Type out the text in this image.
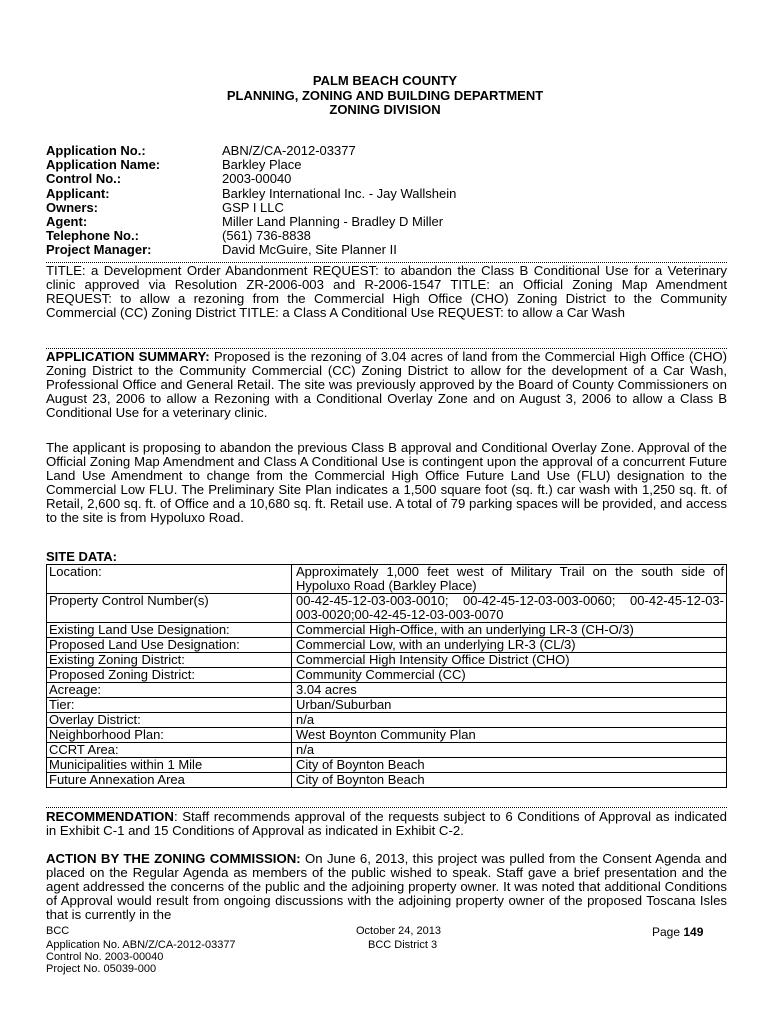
PALM BEACH COUNTY
PLANNING, ZONING AND BUILDING DEPARTMENT
ZONING DIVISION
Application No.:	ABN/Z/CA-2012-03377
Application Name:	Barkley Place
Control No.:	2003-00040
Applicant:	Barkley International Inc. - Jay Wallshein
Owners:	GSP I LLC
Agent:	Miller Land Planning - Bradley D Miller
Telephone No.:	(561) 736-8838
Project Manager:	David McGuire, Site Planner II
TITLE: a Development Order Abandonment REQUEST: to abandon the Class B Conditional Use for a Veterinary clinic approved via Resolution ZR-2006-003 and R-2006-1547 TITLE: an Official Zoning Map Amendment REQUEST: to allow a rezoning from the Commercial High Office (CHO) Zoning District to the Community Commercial (CC) Zoning District TITLE: a Class A Conditional Use REQUEST: to allow a Car Wash
APPLICATION SUMMARY: Proposed is the rezoning of 3.04 acres of land from the Commercial High Office (CHO) Zoning District to the Community Commercial (CC) Zoning District to allow for the development of a Car Wash, Professional Office and General Retail. The site was previously approved by the Board of County Commissioners on August 23, 2006 to allow a Rezoning with a Conditional Overlay Zone and on August 3, 2006 to allow a Class B Conditional Use for a veterinary clinic.
The applicant is proposing to abandon the previous Class B approval and Conditional Overlay Zone. Approval of the Official Zoning Map Amendment and Class A Conditional Use is contingent upon the approval of a concurrent Future Land Use Amendment to change from the Commercial High Office Future Land Use (FLU) designation to the Commercial Low FLU. The Preliminary Site Plan indicates a 1,500 square foot (sq. ft.) car wash with 1,250 sq. ft. of Retail, 2,600 sq. ft. of Office and a 10,680 sq. ft. Retail use. A total of 79 parking spaces will be provided, and access to the site is from Hypoluxo Road.
SITE DATA:
Location:	Approximately 1,000 feet west of Military Trail on the south side of Hypoluxo Road (Barkley Place)
Property Control Number(s)	00-42-45-12-03-003-0010; 00-42-45-12-03-003-0060; 00-42-45-12-03-003-0020;00-42-45-12-03-003-0070
Existing Land Use Designation:	Commercial High-Office, with an underlying LR-3 (CH-O/3)
Proposed Land Use Designation:	Commercial Low, with an underlying LR-3 (CL/3)
Existing Zoning District:	Commercial High Intensity Office District (CHO)
Proposed Zoning District:	Community Commercial (CC)
Acreage:	3.04 acres
Tier:	Urban/Suburban
Overlay District:	n/a
Neighborhood Plan:	West Boynton Community Plan
CCRT Area:	n/a
Municipalities within 1 Mile	City of Boynton Beach
Future Annexation Area	City of Boynton Beach
RECOMMENDATION: Staff recommends approval of the requests subject to 6 Conditions of Approval as indicated in Exhibit C-1 and 15 Conditions of Approval as indicated in Exhibit C-2.
ACTION BY THE ZONING COMMISSION: On June 6, 2013, this project was pulled from the Consent Agenda and placed on the Regular Agenda as members of the public wished to speak. Staff gave a brief presentation and the agent addressed the concerns of the public and the adjoining property owner. It was noted that additional Conditions of Approval would result from ongoing discussions with the adjoining property owner of the proposed Toscana Isles that is currently in the
BCC	October 24, 2013	Page 149
Application No. ABN/Z/CA-2012-03377	BCC District 3
Control No. 2003-00040
Project No. 05039-000
